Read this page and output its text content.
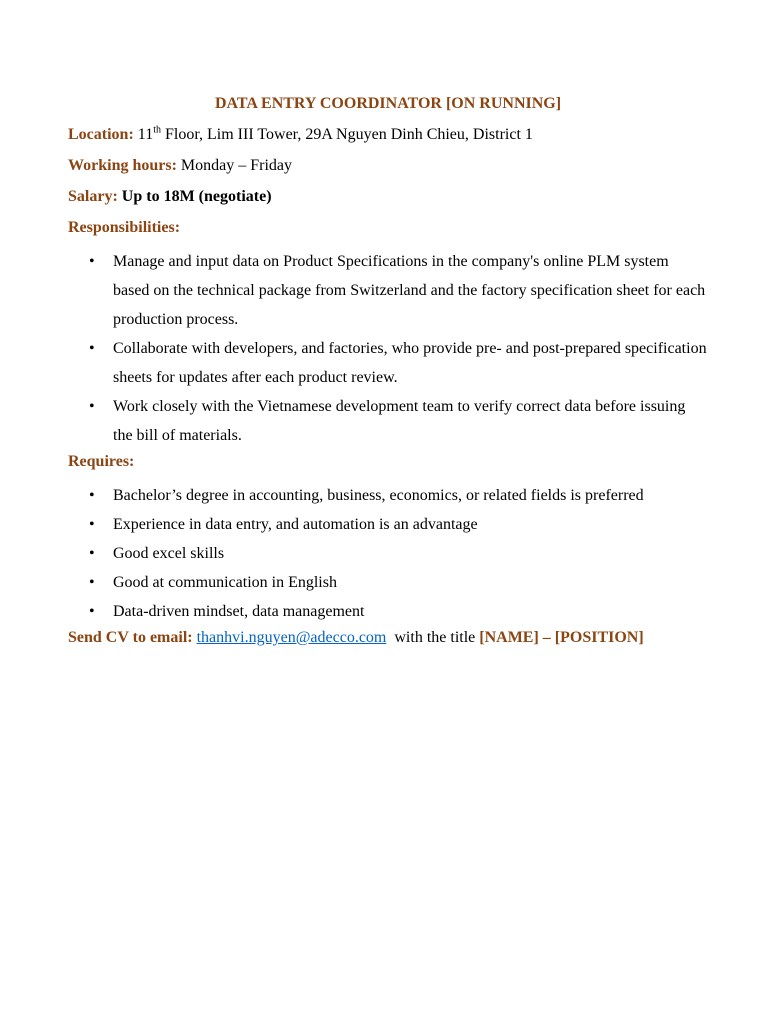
DATA ENTRY COORDINATOR [ON RUNNING]
Location: 11th Floor, Lim III Tower, 29A Nguyen Dinh Chieu, District 1
Working hours: Monday – Friday
Salary: Up to 18M (negotiate)
Responsibilities:
• Manage and input data on Product Specifications in the company's online PLM system based on the technical package from Switzerland and the factory specification sheet for each production process.
• Collaborate with developers, and factories, who provide pre- and post-prepared specification sheets for updates after each product review.
• Work closely with the Vietnamese development team to verify correct data before issuing the bill of materials.
Requires:
• Bachelor’s degree in accounting, business, economics, or related fields is preferred
• Experience in data entry, and automation is an advantage
• Good excel skills
• Good at communication in English
• Data-driven mindset, data management
Send CV to email: thanhvi.nguyen@adecco.com with the title [NAME] – [POSITION]
